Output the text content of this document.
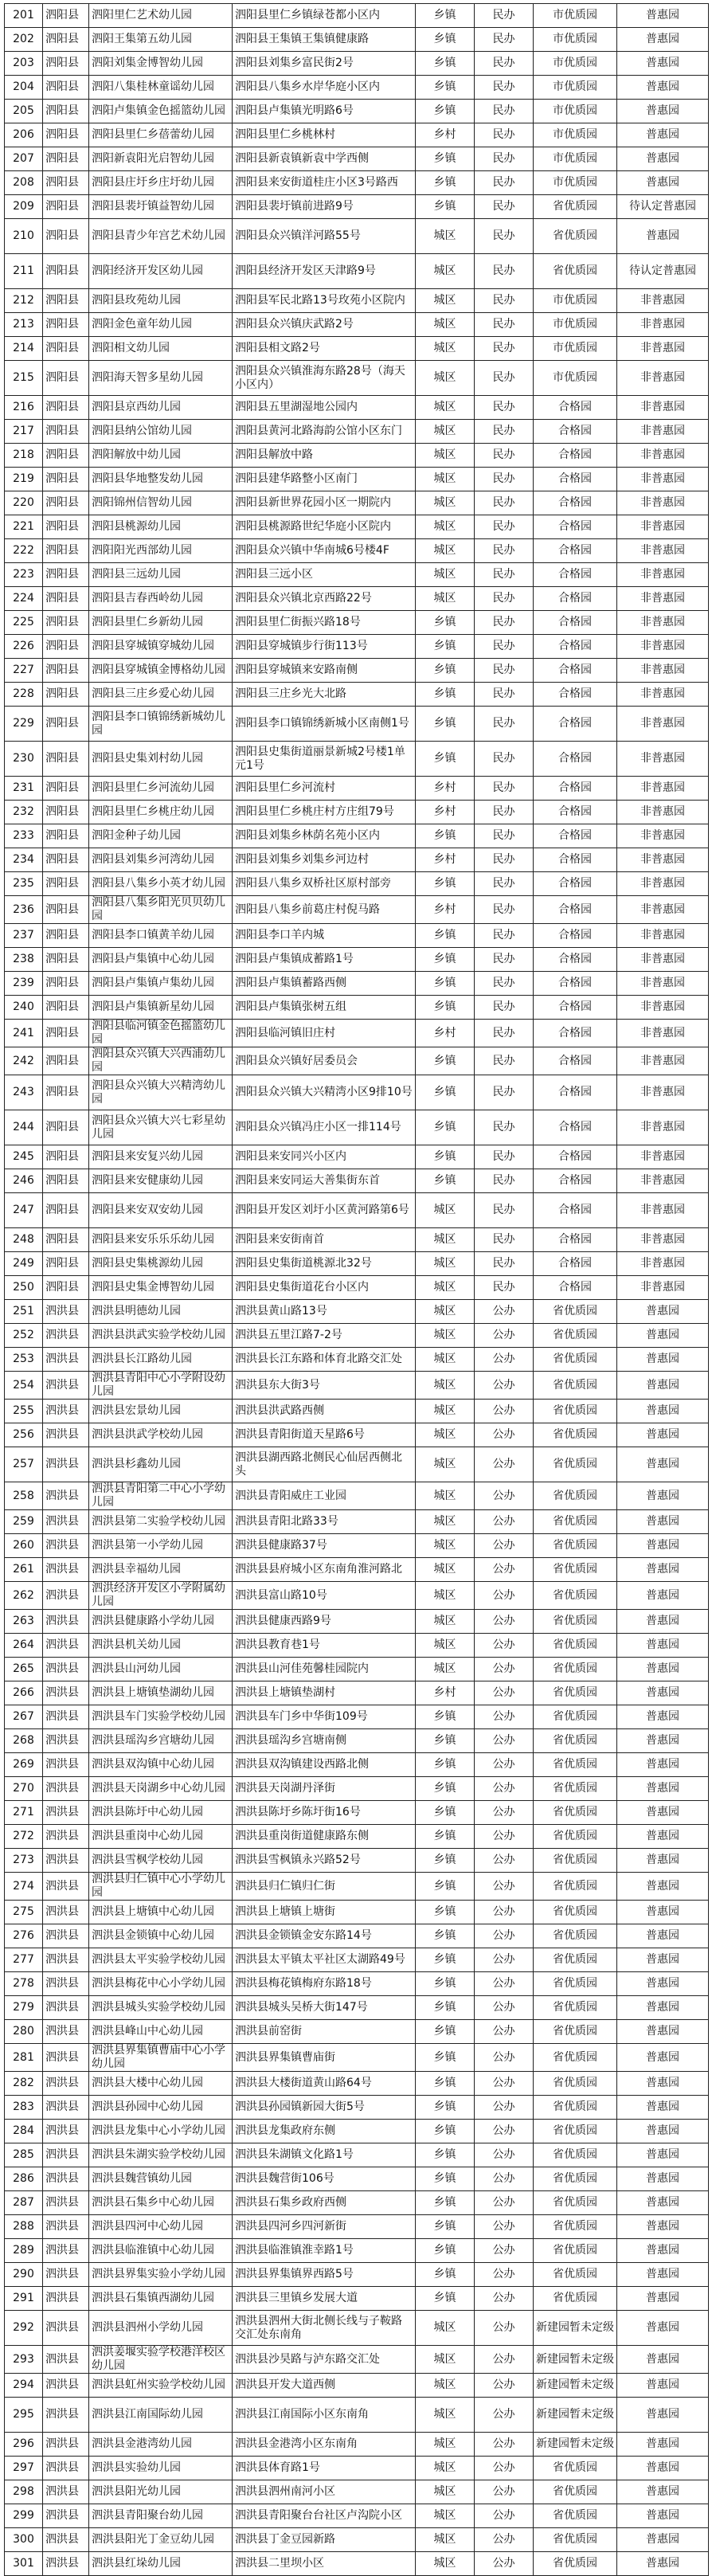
201	泗阳县	泗阳里仁艺术幼儿园	泗阳县里仁乡镇绿苍都小区内	乡镇	民办	市优质园	普惠园
202	泗阳县	泗阳王集第五幼儿园	泗阳县王集镇王集镇健康路	乡镇	民办	市优质园	普惠园
203	泗阳县	泗阳刘集金博智幼儿园	泗阳县刘集乡富民街2号	乡镇	民办	市优质园	普惠园
204	泗阳县	泗阳八集桂林童谣幼儿园	泗阳县八集乡水岸华庭小区内	乡镇	民办	市优质园	普惠园
205	泗阳县	泗阳卢集镇金色摇篮幼儿园	泗阳县卢集镇光明路6号	乡镇	民办	市优质园	普惠园
206	泗阳县	泗阳县里仁乡蓓蕾幼儿园	泗阳县里仁乡桃林村	乡村	民办	市优质园	普惠园
207	泗阳县	泗阳新袁阳光启智幼儿园	泗阳县新袁镇新袁中学西侧	乡镇	民办	市优质园	普惠园
208	泗阳县	泗阳县庄圩乡庄圩幼儿园	泗阳县来安街道桂庄小区3号路西	乡镇	民办	市优质园	普惠园
209	泗阳县	泗阳县裴圩镇益智幼儿园	泗阳县裴圩镇前进路9号	乡镇	民办	省优质园	待认定普惠园
210	泗阳县	泗阳县青少年宫艺术幼儿园	泗阳县众兴镇洋河路55号	城区	民办	省优质园	普惠园
211	泗阳县	泗阳经济开发区幼儿园	泗阳县经济开发区天津路9号	城区	民办	省优质园	待认定普惠园
212	泗阳县	泗阳县玫苑幼儿园	泗阳县军民北路13号玫苑小区院内	城区	民办	市优质园	非普惠园
213	泗阳县	泗阳金色童年幼儿园	泗阳县众兴镇庆武路2号	城区	民办	市优质园	非普惠园
214	泗阳县	泗阳相文幼儿园	泗阳县相文路2号	城区	民办	市优质园	非普惠园
215	泗阳县	泗阳海天智多星幼儿园	泗阳县众兴镇淮海东路28号（海天小区内）	城区	民办	市优质园	非普惠园
216	泗阳县	泗阳县京西幼儿园	泗阳县五里湖湿地公园内	城区	民办	合格园	非普惠园
217	泗阳县	泗阳县纳公馆幼儿园	泗阳县黄河北路海韵公馆小区东门	城区	民办	合格园	非普惠园
218	泗阳县	泗阳解放中幼儿园	泗阳县解放中路	城区	民办	合格园	非普惠园
219	泗阳县	泗阳县华地整发幼儿园	泗阳县建华路整小区南门	城区	民办	合格园	非普惠园
220	泗阳县	泗阳锦州信智幼儿园	泗阳县新世界花园小区一期院内	城区	民办	合格园	非普惠园
221	泗阳县	泗阳县桃源幼儿园	泗阳县桃源路世纪华庭小区院内	城区	民办	合格园	非普惠园
222	泗阳县	泗阳阳光西部幼儿园	泗阳县众兴镇中华南城6号楼4F	城区	民办	合格园	非普惠园
223	泗阳县	泗阳县三远幼儿园	泗阳县三远小区	城区	民办	合格园	非普惠园
224	泗阳县	泗阳县吉春西岭幼儿园	泗阳县众兴镇北京西路22号	城区	民办	合格园	非普惠园
225	泗阳县	泗阳县里仁乡新幼儿园	泗阳县里仁街振兴路18号	乡镇	民办	合格园	非普惠园
226	泗阳县	泗阳县穿城镇穿城幼儿园	泗阳县穿城镇步行街113号	乡镇	民办	合格园	非普惠园
227	泗阳县	泗阳县穿城镇金博格幼儿园	泗阳县穿城镇来安路南侧	乡镇	民办	合格园	非普惠园
228	泗阳县	泗阳县三庄乡爱心幼儿园	泗阳县三庄乡光大北路	乡镇	民办	合格园	非普惠园
229	泗阳县	泗阳县李口镇锦绣新城幼儿园	泗阳县李口镇锦绣新城小区南侧1号	乡镇	民办	合格园	非普惠园
230	泗阳县	泗阳县史集刘村幼儿园	泗阳县史集街道丽景新城2号楼1单元1号	乡镇	民办	合格园	非普惠园
231	泗阳县	泗阳县里仁乡河流幼儿园	泗阳县里仁乡河流村	乡村	民办	合格园	非普惠园
232	泗阳县	泗阳县里仁乡桃庄幼儿园	泗阳县里仁乡桃庄村方庄组79号	乡村	民办	合格园	非普惠园
233	泗阳县	泗阳金种子幼儿园	泗阳县刘集乡林荫名苑小区内	乡镇	民办	合格园	非普惠园
234	泗阳县	泗阳县刘集乡河湾幼儿园	泗阳县刘集乡刘集乡河边村	乡村	民办	合格园	非普惠园
235	泗阳县	泗阳县八集乡小英才幼儿园	泗阳县八集乡双桥社区原村部旁	乡镇	民办	合格园	非普惠园
236	泗阳县	泗阳县八集乡阳光贝贝幼儿园	泗阳县八集乡前葛庄村倪马路	乡村	民办	合格园	非普惠园
237	泗阳县	泗阳县李口镇黄羊幼儿园	泗阳县李口羊内城	乡镇	民办	合格园	非普惠园
238	泗阳县	泗阳县卢集镇中心幼儿园	泗阳县卢集镇成蓄路1号	乡镇	民办	合格园	非普惠园
239	泗阳县	泗阳县卢集镇卢集幼儿园	泗阳县卢集镇蓄路西侧	乡镇	民办	合格园	非普惠园
240	泗阳县	泗阳县卢集镇新星幼儿园	泗阳县卢集镇张树五组	乡镇	民办	合格园	非普惠园
241	泗阳县	泗阳县临河镇金色摇篮幼儿园	泗阳县临河镇旧庄村	乡村	民办	合格园	非普惠园
242	泗阳县	泗阳县众兴镇大兴西浦幼儿园	泗阳县众兴镇好居委员会	乡镇	民办	合格园	非普惠园
243	泗阳县	泗阳县众兴镇大兴精湾幼儿园	泗阳县众兴镇大兴精湾小区9排10号	乡镇	民办	合格园	非普惠园
244	泗阳县	泗阳县众兴镇大兴七彩星幼儿园	泗阳县众兴镇冯庄小区一排114号	乡镇	民办	合格园	非普惠园
245	泗阳县	泗阳县来安复兴幼儿园	泗阳县来安同兴小区内	乡镇	民办	合格园	非普惠园
246	泗阳县	泗阳县来安健康幼儿园	泗阳县来安同运大善集街东首	乡镇	民办	合格园	非普惠园
247	泗阳县	泗阳县来安双安幼儿园	泗阳县开发区刘圩小区黄河路第6号	城区	民办	合格园	非普惠园
248	泗阳县	泗阳县来安乐乐乐幼儿园	泗阳县来安街南首	城区	民办	合格园	非普惠园
249	泗阳县	泗阳县史集桃源幼儿园	泗阳县史集街道桃源北32号	城区	民办	合格园	非普惠园
250	泗阳县	泗阳县史集金博智幼儿园	泗阳县史集街道花台小区内	城区	民办	合格园	非普惠园
251	泗洪县	泗洪县明德幼儿园	泗洪县黄山路13号	城区	公办	省优质园	普惠园
252	泗洪县	泗洪县洪武实验学校幼儿园	泗洪县五里江路7-2号	城区	公办	省优质园	普惠园
253	泗洪县	泗洪县长江路幼儿园	泗洪县长江东路和体育北路交汇处	城区	公办	省优质园	普惠园
254	泗洪县	泗洪县青阳中心小学附设幼儿园	泗洪县东大街3号	城区	公办	省优质园	普惠园
255	泗洪县	泗洪县宏景幼儿园	泗洪县洪武路西侧	城区	公办	省优质园	普惠园
256	泗洪县	泗洪县洪武学校幼儿园	泗洪县青阳街道天星路6号	城区	公办	省优质园	普惠园
257	泗洪县	泗洪县杉鑫幼儿园	泗洪县湖西路北侧民心仙居西侧北头	城区	公办	省优质园	普惠园
258	泗洪县	泗洪县青阳第二中心小学幼儿园	泗洪县青阳威庄工业园	城区	公办	省优质园	普惠园
259	泗洪县	泗洪县第二实验学校幼儿园	泗洪县青阳北路33号	城区	公办	省优质园	普惠园
260	泗洪县	泗洪县第一小学幼儿园	泗洪县健康路37号	城区	公办	省优质园	普惠园
261	泗洪县	泗洪县幸福幼儿园	泗洪县县府城小区东南角淮河路北	城区	公办	省优质园	普惠园
262	泗洪县	泗洪经济开发区小学附属幼儿园	泗洪县富山路10号	城区	公办	省优质园	普惠园
263	泗洪县	泗洪县健康路小学幼儿园	泗洪县健康西路9号	城区	公办	省优质园	普惠园
264	泗洪县	泗洪县机关幼儿园	泗洪县教育巷1号	城区	公办	省优质园	普惠园
265	泗洪县	泗洪县山河幼儿园	泗洪县山河佳苑馨桂园院内	城区	公办	省优质园	普惠园
266	泗洪县	泗洪县上塘镇垫湖幼儿园	泗洪县上塘镇垫湖村	乡村	公办	省优质园	普惠园
267	泗洪县	泗洪县车门实验学校幼儿园	泗洪县车门乡中华街109号	乡镇	公办	省优质园	普惠园
268	泗洪县	泗洪县瑶沟乡宫塘幼儿园	泗洪县瑶沟乡宫塘南侧	乡镇	公办	省优质园	普惠园
269	泗洪县	泗洪县双沟镇中心幼儿园	泗洪县双沟镇建设西路北侧	乡镇	公办	省优质园	普惠园
270	泗洪县	泗洪县天岗湖乡中心幼儿园	泗洪县天岗湖丹泽街	乡镇	公办	省优质园	普惠园
271	泗洪县	泗洪县陈圩中心幼儿园	泗洪县陈圩乡陈圩街16号	乡镇	公办	省优质园	普惠园
272	泗洪县	泗洪县重岗中心幼儿园	泗洪县重岗街道健康路东侧	乡镇	公办	省优质园	普惠园
273	泗洪县	泗洪县雪枫学校幼儿园	泗洪县雪枫镇永兴路52号	乡镇	公办	省优质园	普惠园
274	泗洪县	泗洪县归仁镇中心小学幼儿园	泗洪县归仁镇归仁街	乡镇	公办	省优质园	普惠园
275	泗洪县	泗洪县上塘镇中心幼儿园	泗洪县上塘镇上塘街	乡镇	公办	省优质园	普惠园
276	泗洪县	泗洪县金锁镇中心幼儿园	泗洪县金锁镇金安东路14号	乡镇	公办	省优质园	普惠园
277	泗洪县	泗洪县太平实验学校幼儿园	泗洪县太平镇太平社区太湖路49号	乡镇	公办	省优质园	普惠园
278	泗洪县	泗洪县梅花中心小学幼儿园	泗洪县梅花镇梅府东路18号	乡镇	公办	省优质园	普惠园
279	泗洪县	泗洪县城头实验学校幼儿园	泗洪县城头吴桥大街147号	乡镇	公办	省优质园	普惠园
280	泗洪县	泗洪县峰山中心幼儿园	泗洪县前窑街	乡镇	公办	省优质园	普惠园
281	泗洪县	泗洪县界集镇曹庙中心小学幼儿园	泗洪县界集镇曹庙街	乡镇	公办	省优质园	普惠园
282	泗洪县	泗洪县大楼中心幼儿园	泗洪县大楼街道黄山路64号	乡镇	公办	省优质园	普惠园
283	泗洪县	泗洪县孙园中心幼儿园	泗洪县孙园镇新园大街5号	乡镇	公办	省优质园	普惠园
284	泗洪县	泗洪县龙集中心小学幼儿园	泗洪县龙集政府东侧	乡镇	公办	省优质园	普惠园
285	泗洪县	泗洪县朱湖实验学校幼儿园	泗洪县朱湖镇文化路1号	乡镇	公办	省优质园	普惠园
286	泗洪县	泗洪县魏营镇幼儿园	泗洪县魏营街106号	乡镇	公办	省优质园	普惠园
287	泗洪县	泗洪县石集乡中心幼儿园	泗洪县石集乡政府西侧	乡镇	公办	省优质园	普惠园
288	泗洪县	泗洪县四河中心幼儿园	泗洪县四河乡四河新街	乡镇	公办	省优质园	普惠园
289	泗洪县	泗洪县临淮镇中心幼儿园	泗洪县临淮镇淮幸路1号	乡镇	公办	省优质园	普惠园
290	泗洪县	泗洪县界集实验小学幼儿园	泗洪县界集镇界西路5号	乡镇	公办	省优质园	普惠园
291	泗洪县	泗洪县石集镇西湖幼儿园	泗洪县三里镇乡发展大道	乡镇	公办	省优质园	普惠园
292	泗洪县	泗洪县泗州小学幼儿园	泗洪县泗州大街北侧长线与子鞍路交汇处东南角	城区	公办	新建园暂未定级	普惠园
293	泗洪县	泗洪姜堰实验学校港洋校区幼儿园	泗洪县沙昊路与泸东路交汇处	城区	公办	新建园暂未定级	普惠园
294	泗洪县	泗洪县虹州实验学校幼儿园	泗洪县开发大道西侧	城区	公办	新建园暂未定级	普惠园
295	泗洪县	泗洪县江南国际幼儿园	泗洪县江南国际小区东南角	城区	公办	新建园暂未定级	普惠园
296	泗洪县	泗洪县金港湾幼儿园	泗洪县金港湾小区东南角	城区	公办	新建园暂未定级	普惠园
297	泗洪县	泗洪县实验幼儿园	泗洪县体育路1号	城区	公办	省优质园	普惠园
298	泗洪县	泗洪县阳光幼儿园	泗洪县泗州南河小区	城区	公办	省优质园	普惠园
299	泗洪县	泗洪县青阳聚台幼儿园	泗洪县青阳聚台台社区卢沟院小区	城区	公办	省优质园	普惠园
300	泗洪县	泗洪县阳光丁金豆幼儿园	泗洪县丁金豆园新路	城区	公办	省优质园	普惠园
301	泗洪县	泗洪县红垛幼儿园	泗洪县二里坝小区	城区	公办	省优质园	普惠园
